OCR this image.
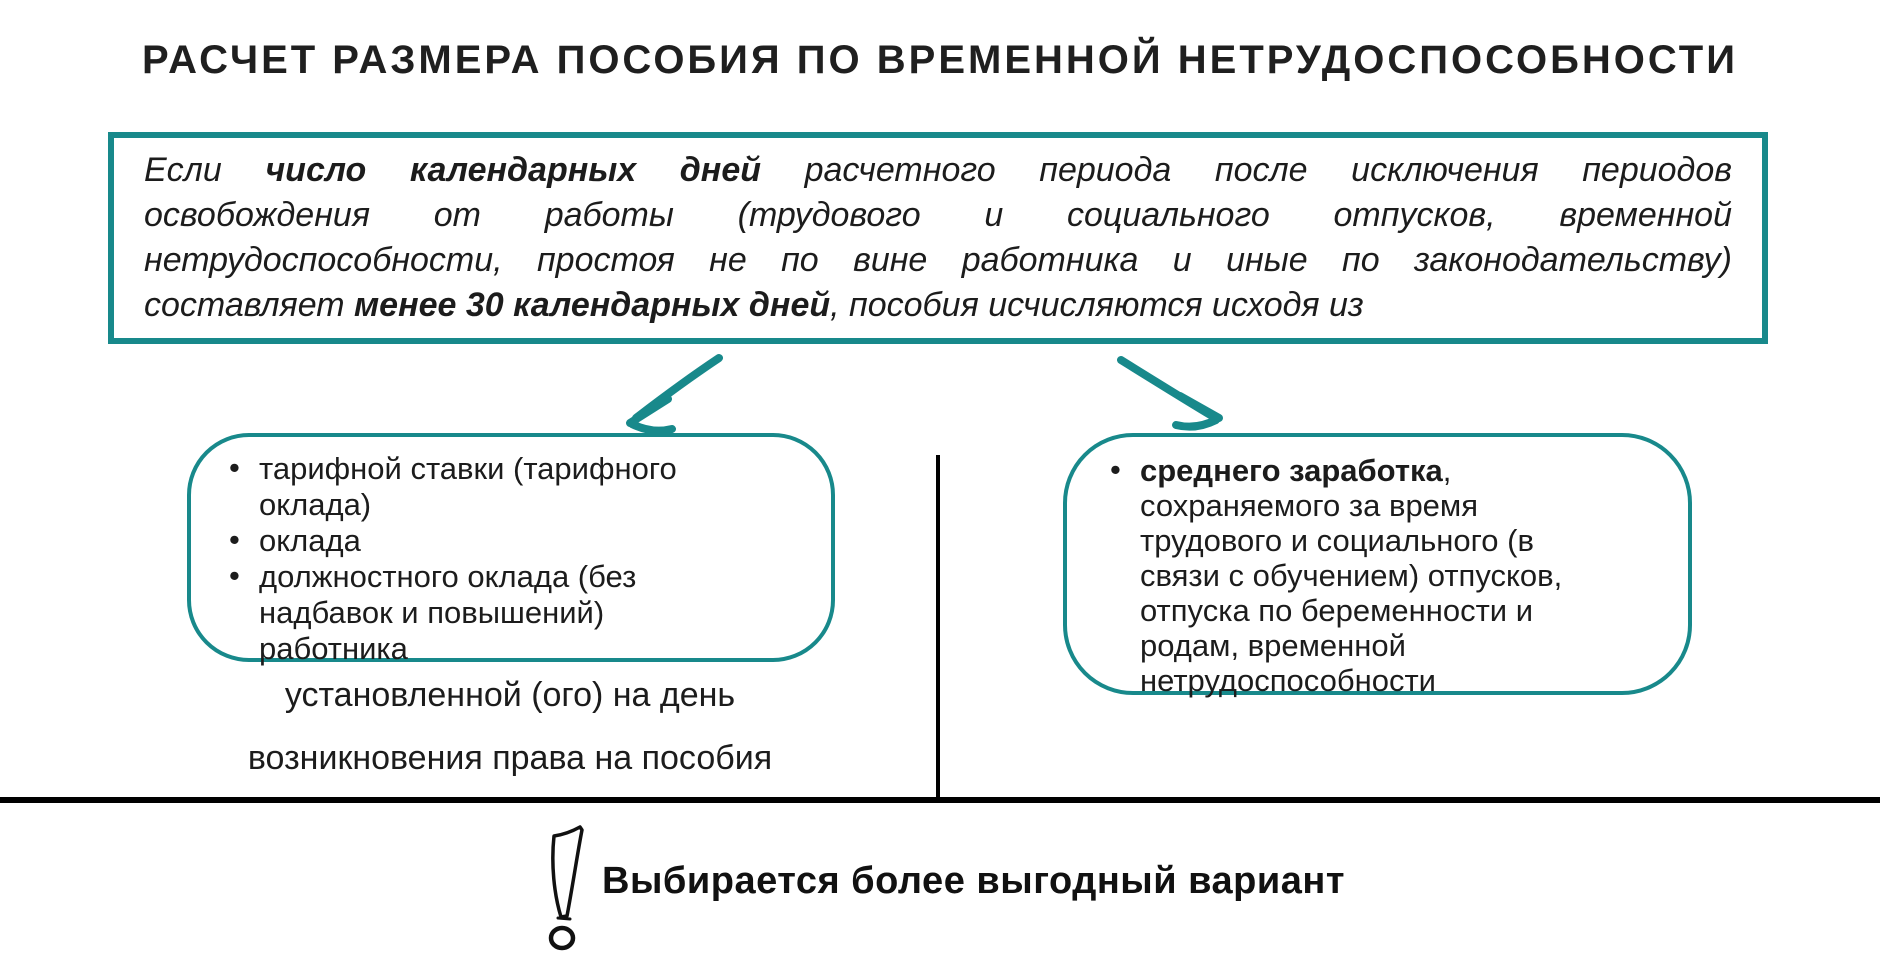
РАСЧЕТ РАЗМЕРА ПОСОБИЯ ПО ВРЕМЕННОЙ НЕТРУДОСПОСОБНОСТИ
Если число календарных дней расчетного периода после исключения периодов
освобождения от работы (трудового и социального отпусков, временной
нетрудоспособности, простоя не по вине работника и иные по законодательству)
составляет менее 30 календарных дней, пособия исчисляются исходя из
• тарифной ставки (тарифного оклада)
• оклада
• должностного оклада (без надбавок и повышений) работника
• среднего заработка, сохраняемого за время трудового и социального (в связи с обучением) отпусков, отпуска по беременности и родам, временной нетрудоспособности
установленной (ого) на день
возникновения права на пособия
Выбирается более выгодный вариант
